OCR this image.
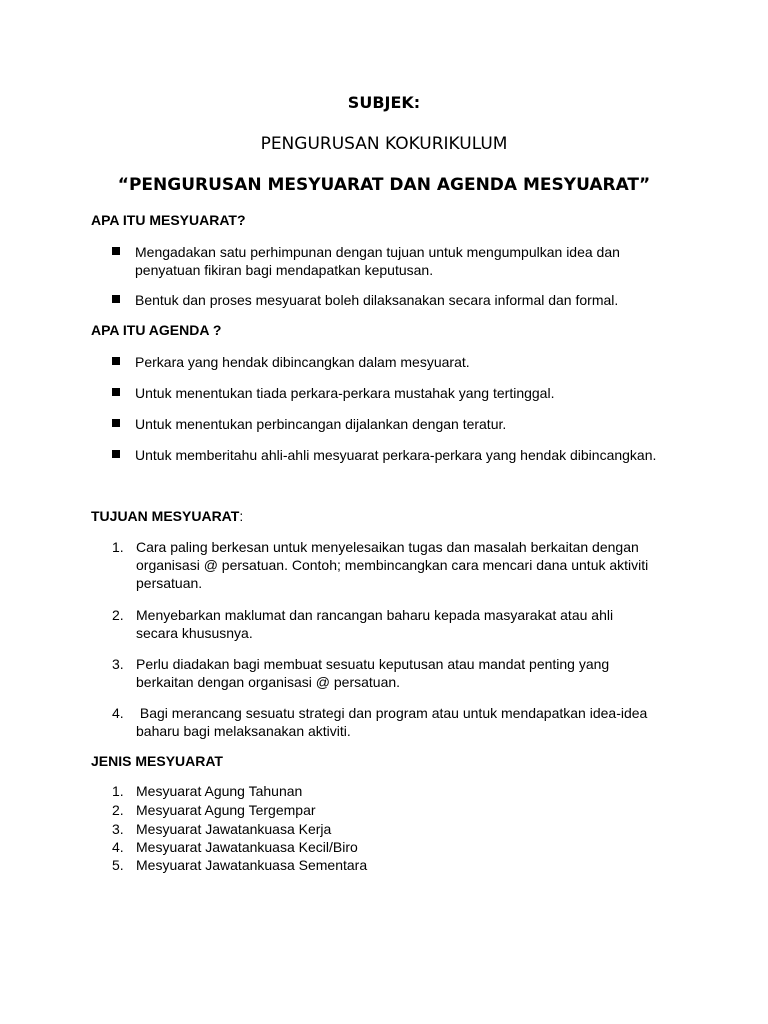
SUBJEK:
PENGURUSAN KOKURIKULUM
“PENGURUSAN MESYUARAT DAN AGENDA MESYUARAT”
APA ITU MESYUARAT?
Mengadakan satu perhimpunan dengan tujuan untuk mengumpulkan idea dan penyatuan fikiran bagi mendapatkan keputusan.
Bentuk dan proses mesyuarat boleh dilaksanakan secara informal dan formal.
APA ITU AGENDA ?
Perkara yang hendak dibincangkan dalam mesyuarat.
Untuk menentukan tiada perkara-perkara mustahak yang tertinggal.
Untuk menentukan perbincangan dijalankan dengan teratur.
Untuk memberitahu ahli-ahli mesyuarat perkara-perkara yang hendak dibincangkan.
TUJUAN MESYUARAT:
1. Cara paling berkesan untuk menyelesaikan tugas dan masalah berkaitan dengan organisasi @ persatuan. Contoh; membincangkan cara mencari dana untuk aktiviti persatuan.
2. Menyebarkan maklumat dan rancangan baharu kepada masyarakat atau ahli secara khususnya.
3. Perlu diadakan bagi membuat sesuatu keputusan atau mandat penting yang berkaitan dengan organisasi @ persatuan.
4. Bagi merancang sesuatu strategi dan program atau untuk mendapatkan idea-idea baharu bagi melaksanakan aktiviti.
JENIS MESYUARAT
1. Mesyuarat Agung Tahunan
2. Mesyuarat Agung Tergempar
3. Mesyuarat Jawatankuasa Kerja
4. Mesyuarat Jawatankuasa Kecil/Biro
5. Mesyuarat Jawatankuasa Sementara
